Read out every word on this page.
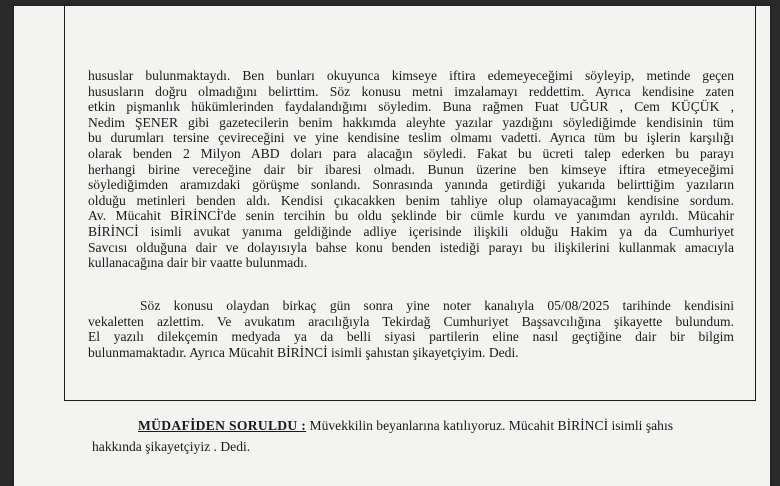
hususlar bulunmaktaydı. Ben bunları okuyunca kimseye iftira edemeyeceğimi söyleyip, metinde geçen
hususların doğru olmadığını belirttim. Söz konusu metni imzalamayı reddettim. Ayrıca kendisine zaten
etkin pişmanlık hükümlerinden faydalandığımı söyledim. Buna rağmen Fuat UĞUR , Cem KÜÇÜK ,
Nedim ŞENER gibi gazetecilerin benim hakkımda aleyhte yazılar yazdığını söylediğimde kendisinin tüm
bu durumları tersine çevireceğini ve yine kendisine teslim olmamı vadetti. Ayrıca tüm bu işlerin karşılığı
olarak benden 2 Milyon ABD doları para alacağın söyledi. Fakat bu ücreti talep ederken bu parayı
herhangi birine vereceğine dair bir ibaresi olmadı. Bunun üzerine ben kimseye iftira etmeyeceğimi
söylediğimden aramızdaki görüşme sonlandı. Sonrasında yanında getirdiği yukarıda belirttiğim yazıların
olduğu metinleri benden aldı. Kendisi çıkacakken benim tahliye olup olamayacağımı kendisine sordum.
Av. Mücahit BİRİNCİ'de senin tercihin bu oldu şeklinde bir cümle kurdu ve yanımdan ayrıldı. Mücahir
BİRİNCİ isimli avukat yanıma geldiğinde adliye içerisinde ilişkili olduğu Hakim ya da Cumhuriyet
Savcısı olduğuna dair ve dolayısıyla bahse konu benden istediği parayı bu ilişkilerini kullanmak amacıyla
kullanacağına dair bir vaatte bulunmadı.
Söz konusu olaydan birkaç gün sonra yine noter kanalıyla 05/08/2025 tarihinde kendisini
vekaletten azlettim. Ve avukatım aracılığıyla Tekirdağ Cumhuriyet Başsavcılığına şikayette bulundum.
El yazılı dilekçemin medyada ya da belli siyasi partilerin eline nasıl geçtiğine dair bir bilgim
bulunmamaktadır. Ayrıca Mücahit BİRİNCİ isimli şahıstan şikayetçiyim. Dedi.
MÜDAFİDEN SORULDU : Müvekkilin beyanlarına katılıyoruz. Mücahit BİRİNCİ isimli şahıs
hakkında şikayetçiyiz . Dedi.
